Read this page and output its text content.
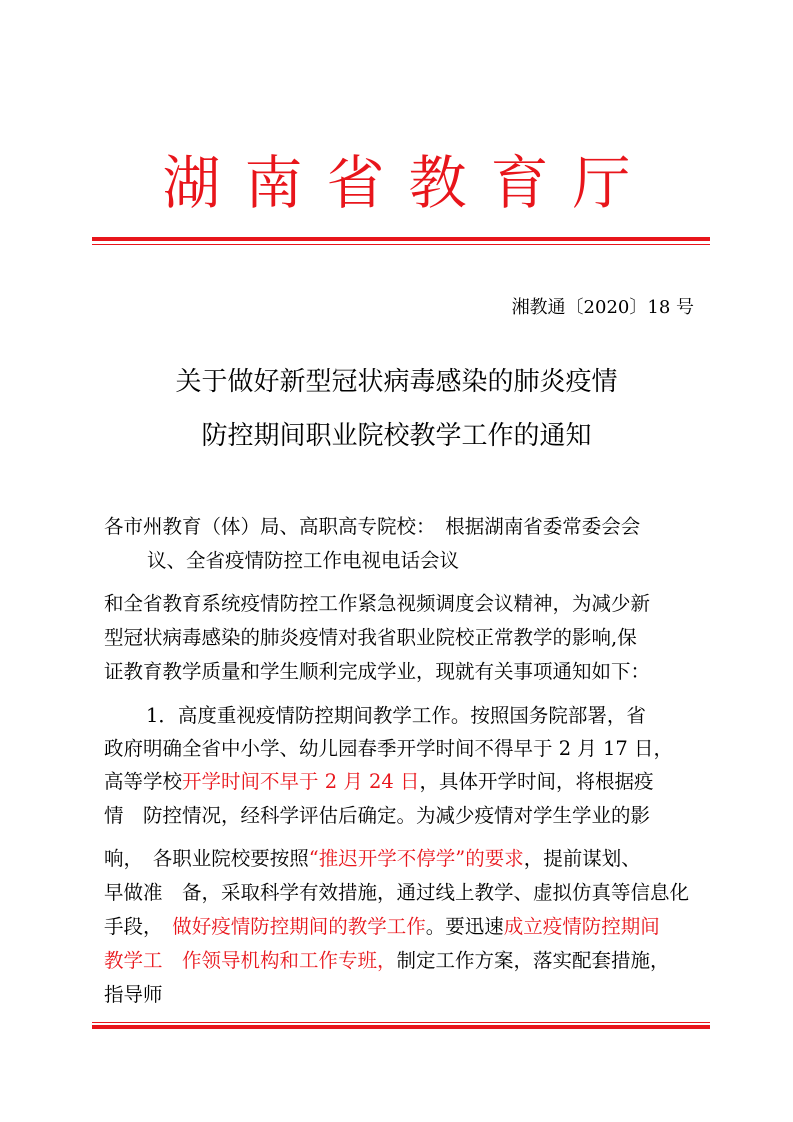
湖南省教育厅
湘教通〔2020〕18 号
关于做好新型冠状病毒感染的肺炎疫情
防控期间职业院校教学工作的通知
各市州教育（体）局、高职高专院校：　根据湖南省委常委会会
议、全省疫情防控工作电视电话会议
和全省教育系统疫情防控工作紧急视频调度会议精神，为减少新
型冠状病毒感染的肺炎疫情对我省职业院校正常教学的影响,保
证教育教学质量和学生顺利完成学业，现就有关事项通知如下：
1．高度重视疫情防控期间教学工作。按照国务院部署，省
政府明确全省中小学、幼儿园春季开学时间不得早于 2 月 17 日，
高等学校开学时间不早于 2 月 24 日，具体开学时间，将根据疫
情　防控情况，经科学评估后确定。为减少疫情对学生学业的影
响，　各职业院校要按照“推迟开学不停学”的要求，提前谋划、
早做准　备，采取科学有效措施，通过线上教学、虚拟仿真等信息化
手段，　做好疫情防控期间的教学工作。要迅速成立疫情防控期间
教学工　作领导机构和工作专班，制定工作方案，落实配套措施，
指导师
